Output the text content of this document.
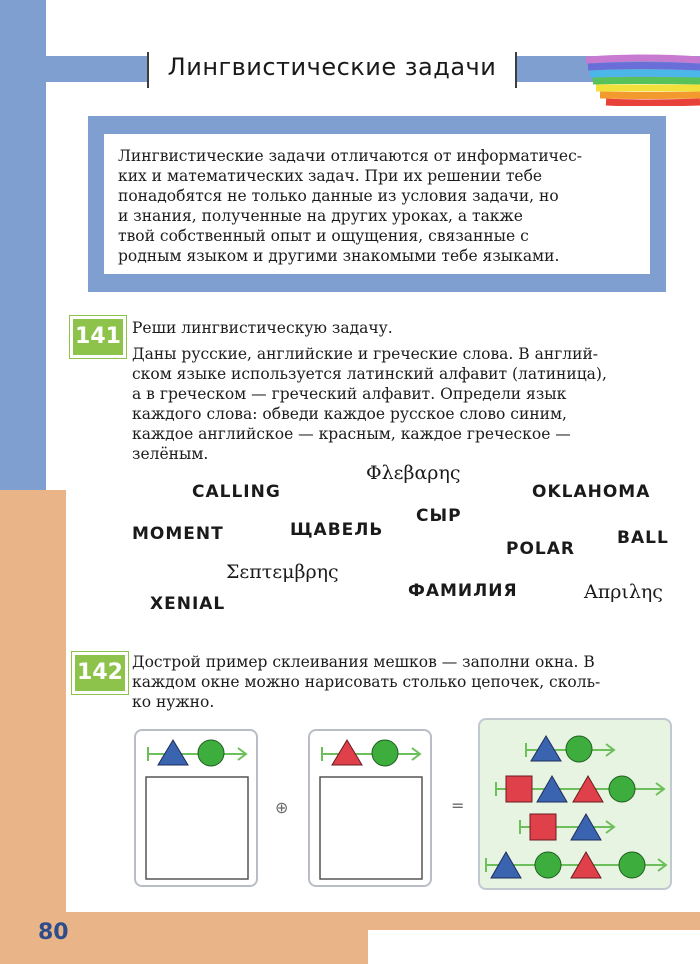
Лингвистические задачи
Лингвистические задачи отличаются от информатичес-
ких и математических задач. При их решении тебе
понадобятся не только данные из условия задачи, но
и знания, полученные на других уроках, а также
твой собственный опыт и ощущения, связанные с
родным языком и другими знакомыми тебе языками.
141 Реши лингвистическую задачу.
Даны русские, английские и греческие слова. В англий-
ском языке используется латинский алфавит (латиница),
а в греческом — греческий алфавит. Определи язык
каждого слова: обведи каждое русское слово синим,
каждое английское — красным, каждое греческое —
зелёным.
Φλεβαρης
CALLING	OKLAHOMA
СЫР
MOMENT	ЩАВЕЛЬ
POLAR
BALL
Σεπτεμβρης
XENIAL
ФАМИЛИЯ	Απριλης
142 Дострой пример склеивания мешков — заполни окна. В
каждом окне можно нарисовать столько цепочек, сколь-
ко нужно.
⊕	=
80
